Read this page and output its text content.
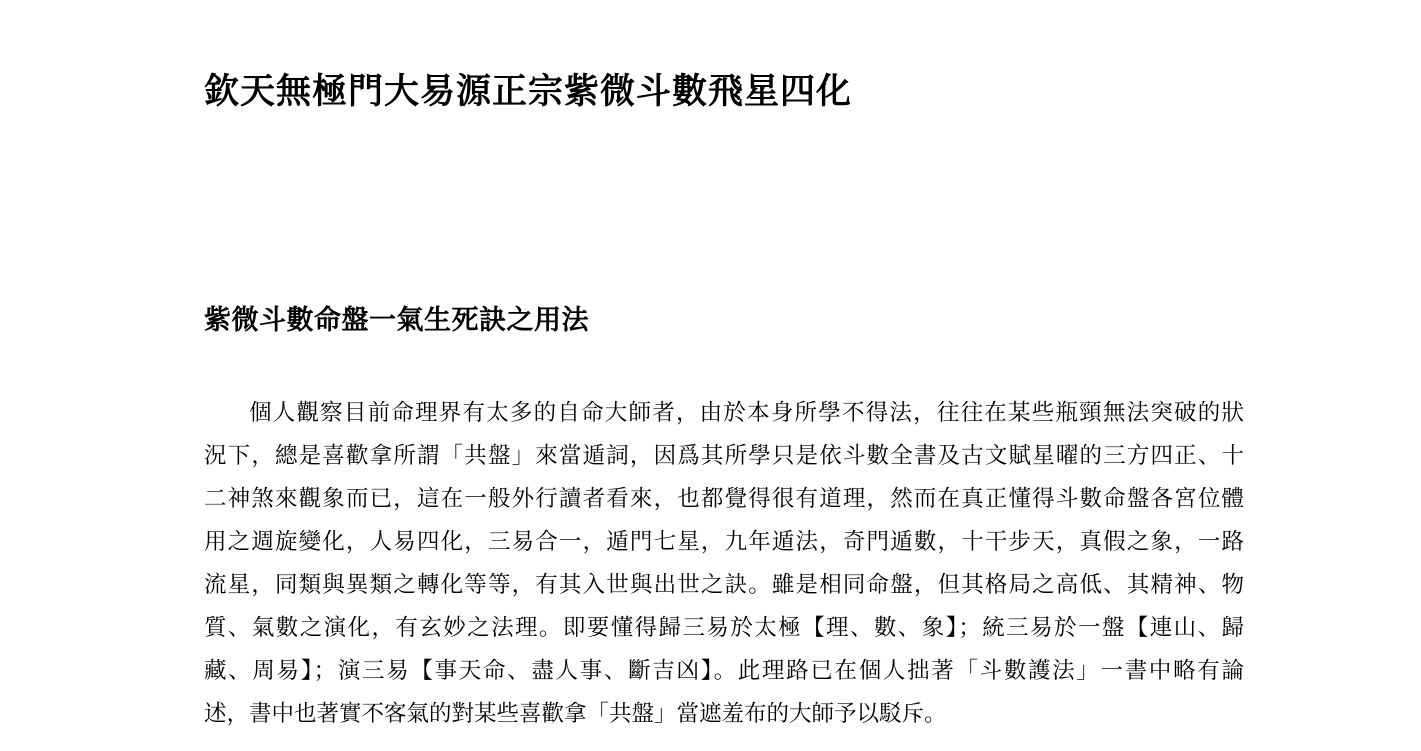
欽天無極門大易源正宗紫微斗數飛星四化
紫微斗數命盤一氣生死訣之用法
個人觀察目前命理界有太多的自命大師者，由於本身所學不得法，往往在某些瓶頸無法突破的狀
況下，總是喜歡拿所謂「共盤」來當遁詞，因爲其所學只是依斗數全書及古文賦星曜的三方四正、十
二神煞來觀象而已，這在一般外行讀者看來，也都覺得很有道理，然而在真正懂得斗數命盤各宮位體
用之週旋變化，人易四化，三易合一，遁門七星，九年遁法，奇門遁數，十干步天，真假之象，一路
流星，同類與異類之轉化等等，有其入世與出世之訣。雖是相同命盤，但其格局之高低、其精神、物
質、氣數之演化，有玄妙之法理。即要懂得歸三易於太極【理、數、象】；統三易於一盤【連山、歸
藏、周易】；演三易【事天命、盡人事、斷吉凶】。此理路已在個人拙著「斗數護法」一書中略有論
述，書中也著實不客氣的對某些喜歡拿「共盤」當遮羞布的大師予以駁斥。
